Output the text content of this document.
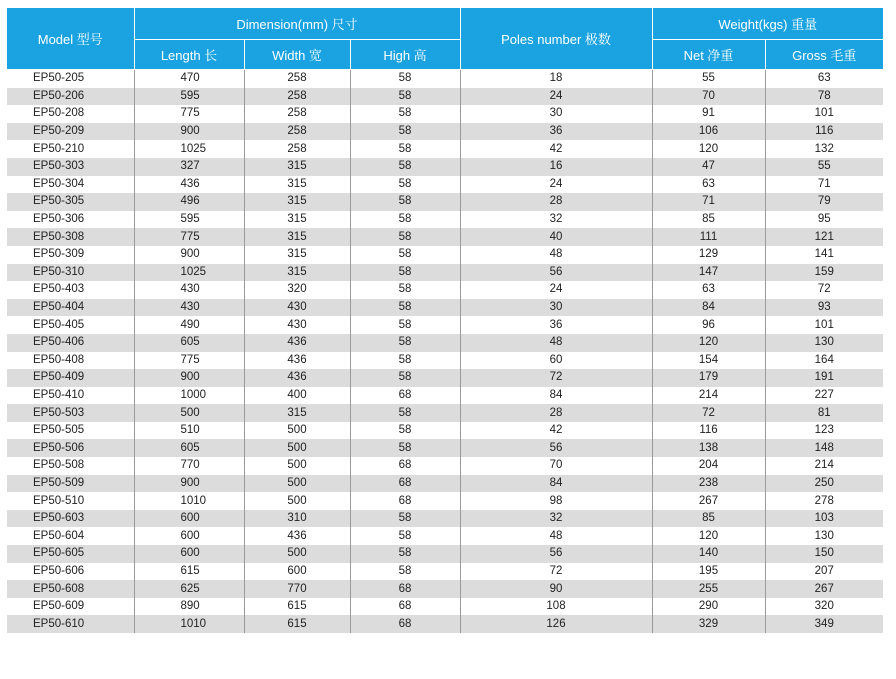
Model 型号	Dimension(mm) 尺寸			Poles number 极数	Weight(kgs) 重量	
	Length 长	Width 宽	High 高		Net 净重	Gross 毛重
EP50-205	470	258	58	18	55	63
EP50-206	595	258	58	24	70	78
EP50-208	775	258	58	30	91	101
EP50-209	900	258	58	36	106	116
EP50-210	1025	258	58	42	120	132
EP50-303	327	315	58	16	47	55
EP50-304	436	315	58	24	63	71
EP50-305	496	315	58	28	71	79
EP50-306	595	315	58	32	85	95
EP50-308	775	315	58	40	111	121
EP50-309	900	315	58	48	129	141
EP50-310	1025	315	58	56	147	159
EP50-403	430	320	58	24	63	72
EP50-404	430	430	58	30	84	93
EP50-405	490	430	58	36	96	101
EP50-406	605	436	58	48	120	130
EP50-408	775	436	58	60	154	164
EP50-409	900	436	58	72	179	191
EP50-410	1000	400	68	84	214	227
EP50-503	500	315	58	28	72	81
EP50-505	510	500	58	42	116	123
EP50-506	605	500	58	56	138	148
EP50-508	770	500	68	70	204	214
EP50-509	900	500	68	84	238	250
EP50-510	1010	500	68	98	267	278
EP50-603	600	310	58	32	85	103
EP50-604	600	436	58	48	120	130
EP50-605	600	500	58	56	140	150
EP50-606	615	600	58	72	195	207
EP50-608	625	770	68	90	255	267
EP50-609	890	615	68	108	290	320
EP50-610	1010	615	68	126	329	349
